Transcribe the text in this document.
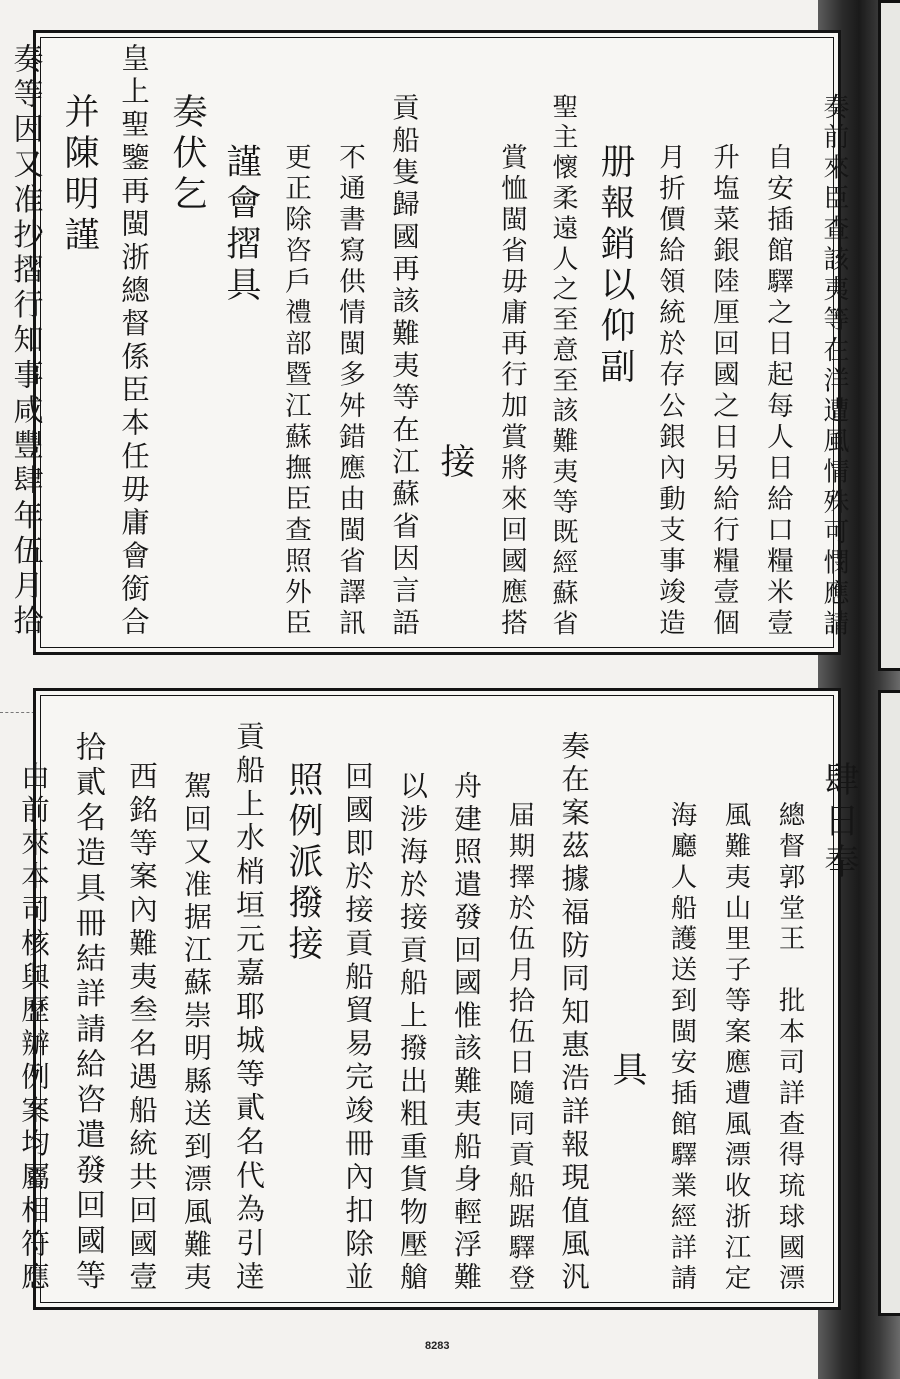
奏前來臣查該夷等在洋遭風情殊可憫應請
自安插館驛之日起每人日給口糧米壹
升塩菜銀陸厘回國之日另給行糧壹個
月折價給領統於存公銀內動支事竣造
册報銷以仰副
聖主懷柔遠人之至意至該難夷等既經蘇省
賞恤閩省毋庸再行加賞將來回國應搭
接
貢船隻歸國再該難夷等在江蘇省因言語
不通書寫供情閩多舛錯應由閩省譯訊
更正除咨戶禮部暨江蘇撫臣查照外臣
謹會摺具
奏伏乞
皇上聖鑒再閩浙總督係臣本任毋庸會銜合
并陳明謹
奏等因又准抄摺行知事咸豐肆年伍月拾
肆日奉
總督郭堂王　批本司詳查得琉球國漂
風難夷山里子等案應遭風漂收浙江定
海廳人船護送到閩安插館驛業經詳請
具
奏在案茲據福防同知惠浩詳報現值風汎
届期擇於伍月拾伍日隨同貢船踞驛登
舟建照遣發回國惟該難夷船身輕浮難
以涉海於接貢船上撥出粗重貨物壓艙
回國即於接貢船貿易完竣冊內扣除並
照例派撥接
貢船上水梢垣元嘉耶城等貳名代為引逹
駕回又准据江蘇崇明縣送到漂風難夷
西銘等案內難夷叁名遇船統共回國壹
拾貳名造具冊結詳請給咨遣發回國等
由前來本司核與歷辦例案均屬相符應
8283
